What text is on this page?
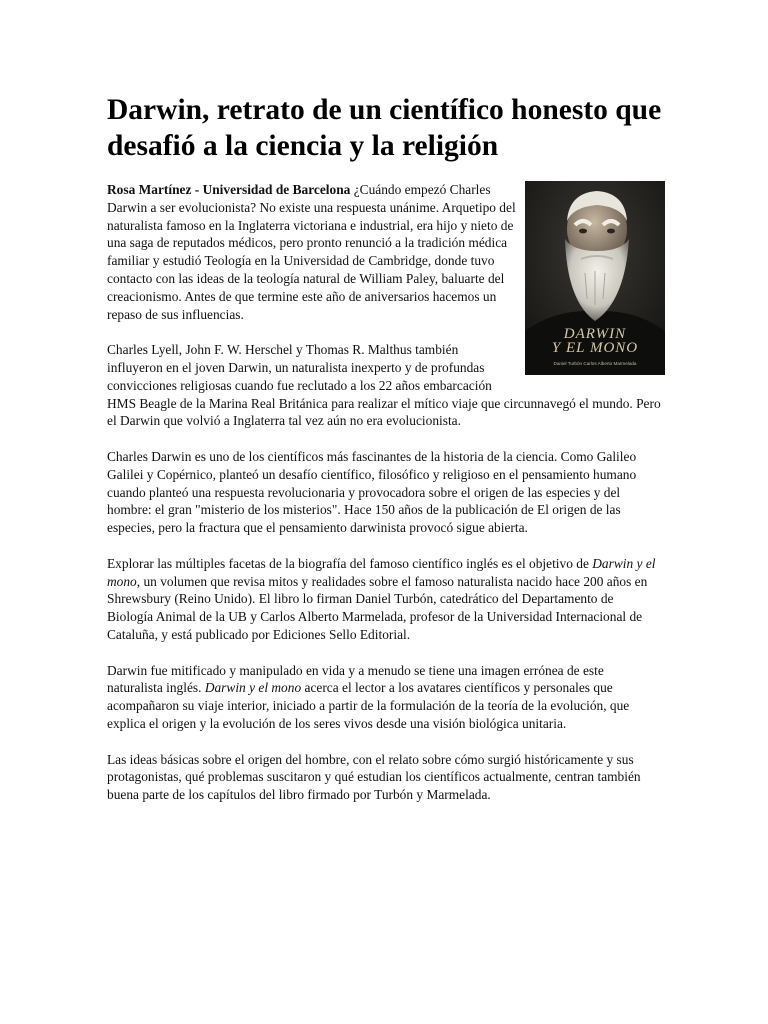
Darwin, retrato de un científico honesto que desafió a la ciencia y la religión
DARWIN
Y EL MONO
Daniel Turbón Carlos Alberto Marmelada

Rosa Martínez - Universidad de Barcelona ¿Cuándo empezó Charles Darwin a ser evolucionista? No existe una respuesta unánime. Arquetipo del naturalista famoso en la Inglaterra victoriana e industrial, era hijo y nieto de una saga de reputados médicos, pero pronto renunció a la tradición médica familiar y estudió Teología en la Universidad de Cambridge, donde tuvo contacto con las ideas de la teología natural de William Paley, baluarte del creacionismo. Antes de que termine este año de aniversarios hacemos un repaso de sus influencias.

Charles Lyell, John F. W. Herschel y Thomas R. Malthus también influyeron en el joven Darwin, un naturalista inexperto y de profundas convicciones religiosas cuando fue reclutado a los 22 años embarcación HMS Beagle de la Marina Real Británica para realizar el mítico viaje que circunnavegó el mundo. Pero el Darwin que volvió a Inglaterra tal vez aún no era evolucionista.

Charles Darwin es uno de los científicos más fascinantes de la historia de la ciencia. Como Galileo Galilei y Copérnico, planteó un desafío científico, filosófico y religioso en el pensamiento humano cuando planteó una respuesta revolucionaria y provocadora sobre el origen de las especies y del hombre: el gran "misterio de los misterios". Hace 150 años de la publicación de El origen de las especies, pero la fractura que el pensamiento darwinista provocó sigue abierta.

Explorar las múltiples facetas de la biografía del famoso científico inglés es el objetivo de Darwin y el mono, un volumen que revisa mitos y realidades sobre el famoso naturalista nacido hace 200 años en Shrewsbury (Reino Unido). El libro lo firman Daniel Turbón, catedrático del Departamento de Biología Animal de la UB y Carlos Alberto Marmelada, profesor de la Universidad Internacional de Cataluña, y está publicado por Ediciones Sello Editorial.

Darwin fue mitificado y manipulado en vida y a menudo se tiene una imagen errónea de este naturalista inglés. Darwin y el mono acerca el lector a los avatares científicos y personales que acompañaron su viaje interior, iniciado a partir de la formulación de la teoría de la evolución, que explica el origen y la evolución de los seres vivos desde una visión biológica unitaria.

Las ideas básicas sobre el origen del hombre, con el relato sobre cómo surgió históricamente y sus protagonistas, qué problemas suscitaron y qué estudian los científicos actualmente, centran también buena parte de los capítulos del libro firmado por Turbón y Marmelada.
